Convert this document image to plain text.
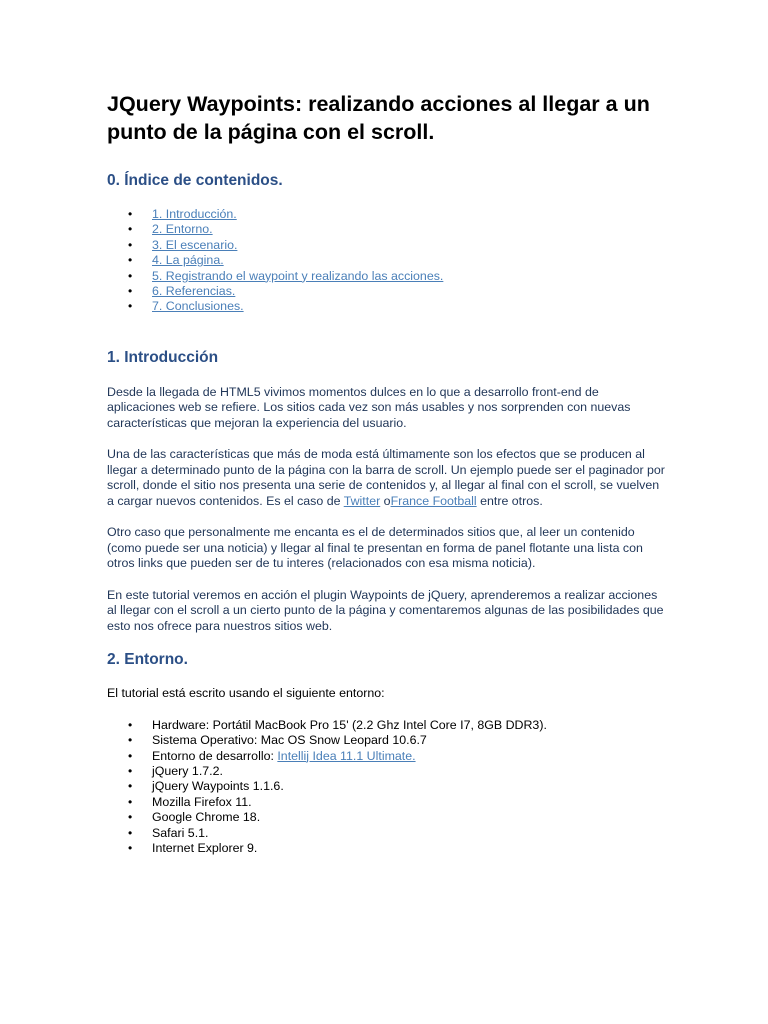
JQuery Waypoints: realizando acciones al llegar a un punto de la página con el scroll.
0. Índice de contenidos.
• 1. Introducción.
• 2. Entorno.
• 3. El escenario.
• 4. La página.
• 5. Registrando el waypoint y realizando las acciones.
• 6. Referencias.
• 7. Conclusiones.
1. Introducción

Desde la llegada de HTML5 vivimos momentos dulces en lo que a desarrollo front-end de aplicaciones web se refiere. Los sitios cada vez son más usables y nos sorprenden con nuevas características que mejoran la experiencia del usuario.

Una de las características que más de moda está últimamente son los efectos que se producen al llegar a determinado punto de la página con la barra de scroll. Un ejemplo puede ser el paginador por scroll, donde el sitio nos presenta una serie de contenidos y, al llegar al final con el scroll, se vuelven a cargar nuevos contenidos. Es el caso de Twitter oFrance Football entre otros.

Otro caso que personalmente me encanta es el de determinados sitios que, al leer un contenido (como puede ser una noticia) y llegar al final te presentan en forma de panel flotante una lista con otros links que pueden ser de tu interes (relacionados con esa misma noticia).

En este tutorial veremos en acción el plugin Waypoints de jQuery, aprenderemos a realizar acciones al llegar con el scroll a un cierto punto de la página y comentaremos algunas de las posibilidades que esto nos ofrece para nuestros sitios web.

2. Entorno.

El tutorial está escrito usando el siguiente entorno:

• Hardware: Portátil MacBook Pro 15' (2.2 Ghz Intel Core I7, 8GB DDR3).
• Sistema Operativo: Mac OS Snow Leopard 10.6.7
• Entorno de desarrollo: Intellij Idea 11.1 Ultimate.
• jQuery 1.7.2.
• jQuery Waypoints 1.1.6.
• Mozilla Firefox 11.
• Google Chrome 18.
• Safari 5.1.
• Internet Explorer 9.
